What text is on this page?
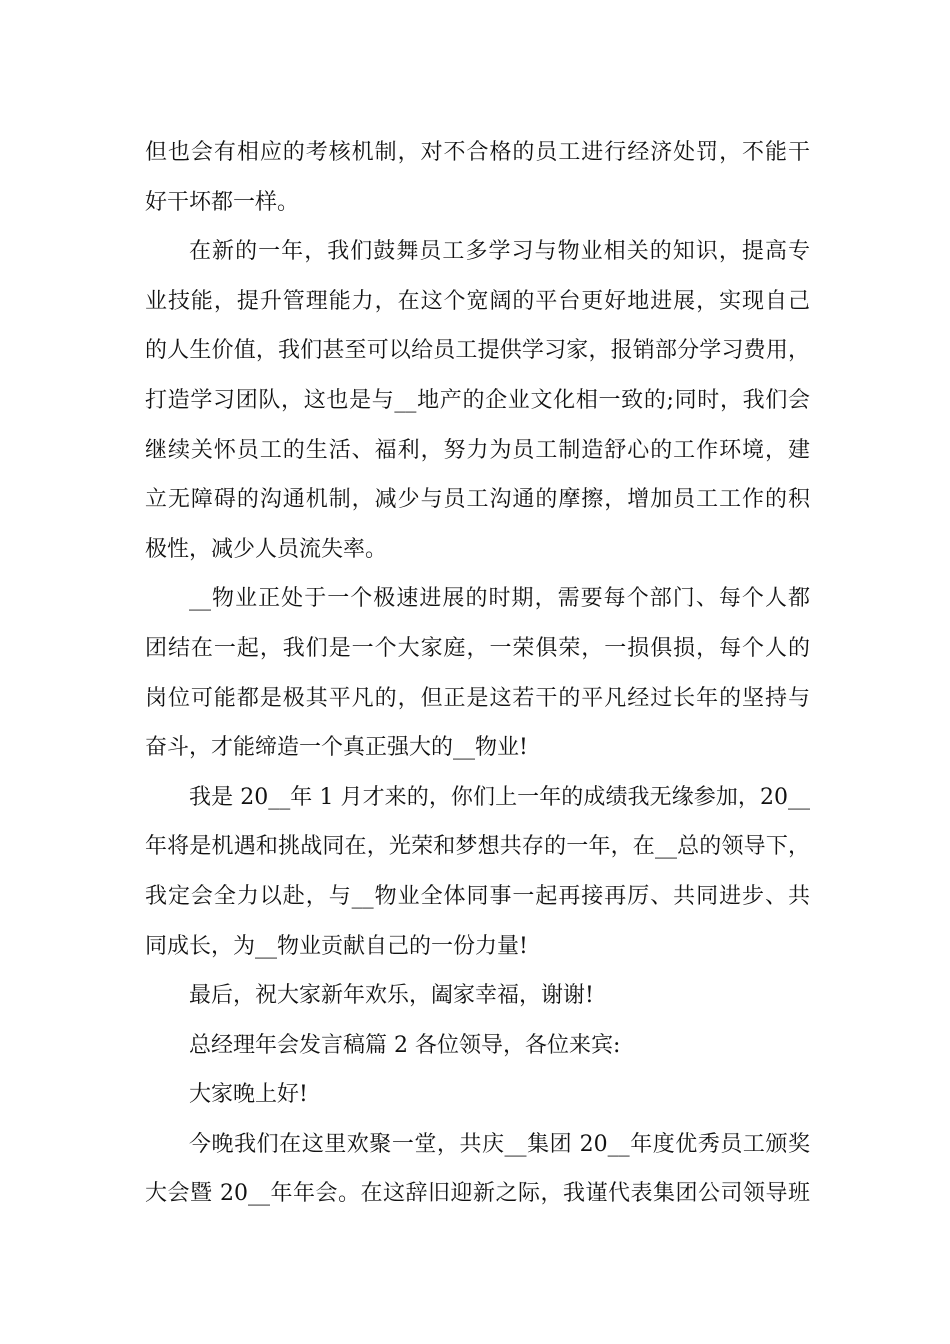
但也会有相应的考核机制，对不合格的员工进行经济处罚，不能干
好干坏都一样。
在新的一年，我们鼓舞员工多学习与物业相关的知识，提高专
业技能，提升管理能力，在这个宽阔的平台更好地进展，实现自己
的人生价值，我们甚至可以给员工提供学习家，报销部分学习费用，
打造学习团队，这也是与__地产的企业文化相一致的;同时，我们会
继续关怀员工的生活、福利，努力为员工制造舒心的工作环境，建
立无障碍的沟通机制，减少与员工沟通的摩擦，增加员工工作的积
极性，减少人员流失率。
__物业正处于一个极速进展的时期，需要每个部门、每个人都
团结在一起，我们是一个大家庭，一荣俱荣，一损俱损，每个人的
岗位可能都是极其平凡的，但正是这若干的平凡经过长年的坚持与
奋斗，才能缔造一个真正强大的__物业!
我是 20__年 1 月才来的，你们上一年的成绩我无缘参加，20__
年将是机遇和挑战同在，光荣和梦想共存的一年，在__总的领导下，
我定会全力以赴，与__物业全体同事一起再接再厉、共同进步、共
同成长，为__物业贡献自己的一份力量!
最后，祝大家新年欢乐，阖家幸福，谢谢!
总经理年会发言稿篇 2 各位领导，各位来宾:
大家晚上好!
今晚我们在这里欢聚一堂，共庆__集团 20__年度优秀员工颁奖
大会暨 20__年年会。在这辞旧迎新之际，我谨代表集团公司领导班
